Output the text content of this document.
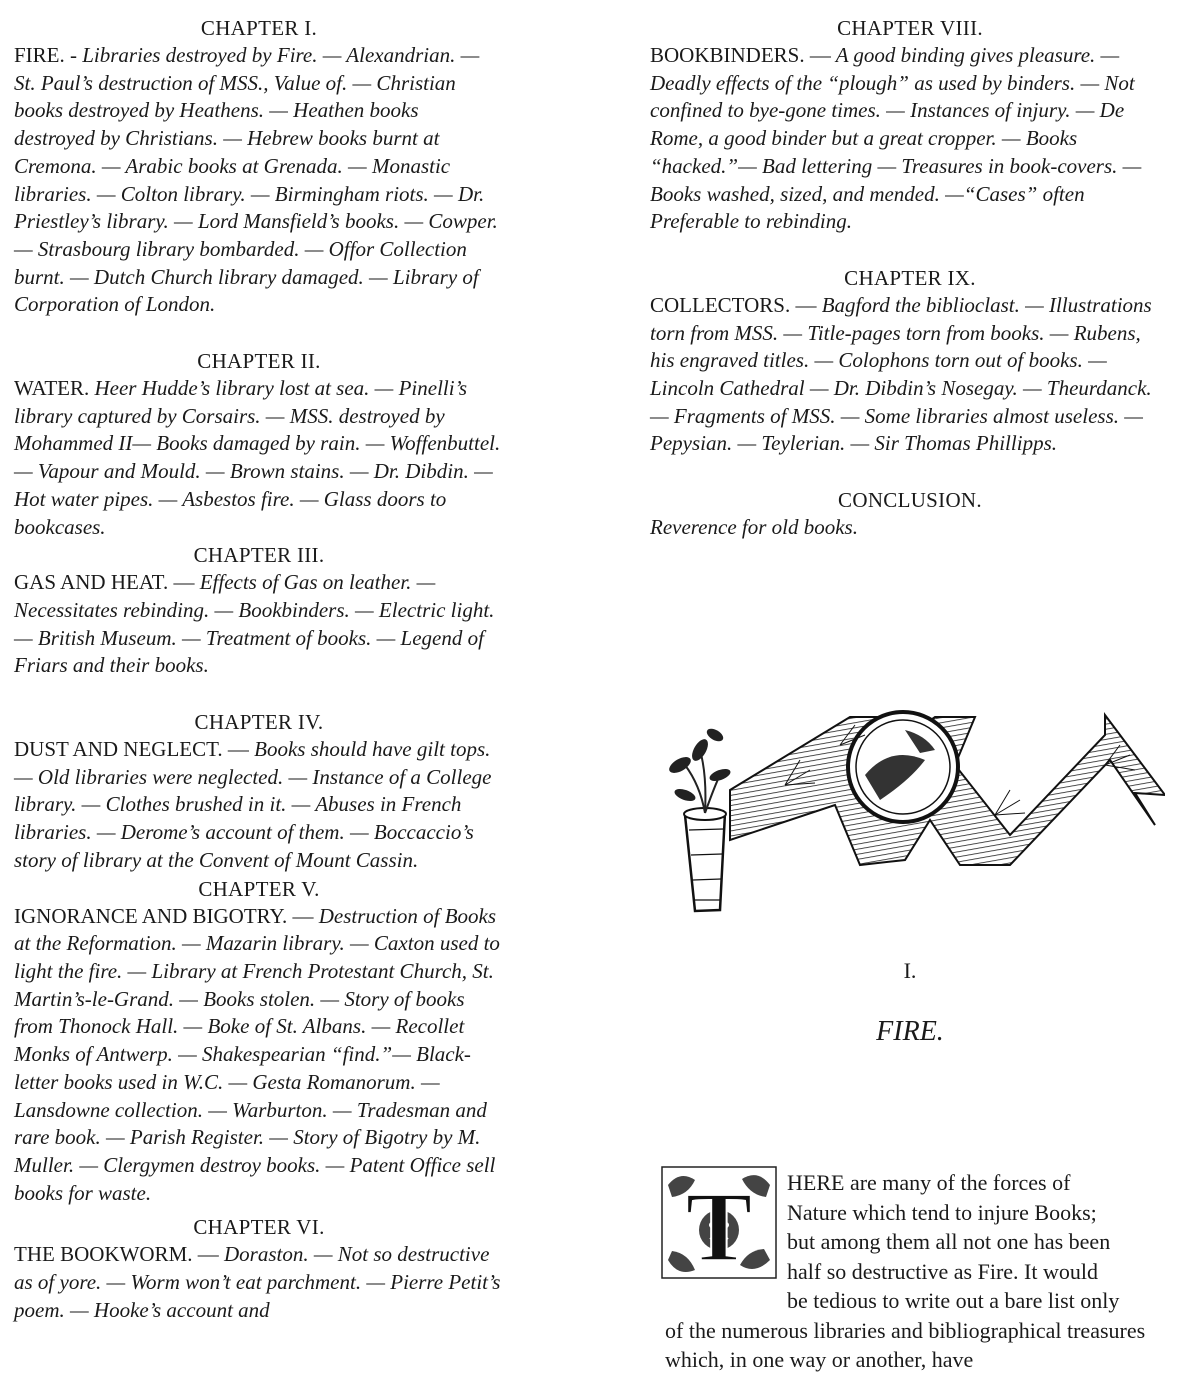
CHAPTER I.

FIRE. - Libraries destroyed by Fire. — Alexandrian. — St. Paul’s destruction of MSS., Value of. — Christian books destroyed by Heathens. — Heathen books destroyed by Christians. — Hebrew books burnt at Cremona. — Arabic books at Grenada. — Monastic libraries. — Colton library. — Birmingham riots. — Dr. Priestley’s library. — Lord Mansfield’s books. — Cowper. — Strasbourg library bombarded. — Offor Collection burnt. — Dutch Church library damaged. — Library of Corporation of London.

CHAPTER II.

WATER. Heer Hudde’s library lost at sea. — Pinelli’s library captured by Corsairs. — MSS. destroyed by Mohammed II— Books damaged by rain. — Woffenbuttel. — Vapour and Mould. — Brown stains. — Dr. Dibdin. — Hot water pipes. — Asbestos fire. — Glass doors to bookcases.

CHAPTER III.

GAS AND HEAT. — Effects of Gas on leather. — Necessitates rebinding. — Bookbinders. — Electric light. — British Museum. — Treatment of books. — Legend of Friars and their books.

CHAPTER IV.

DUST AND NEGLECT. — Books should have gilt tops. — Old libraries were neglected. — Instance of a College library. — Clothes brushed in it. — Abuses in French libraries. — Derome’s account of them. — Boccaccio’s story of library at the Convent of Mount Cassin.

CHAPTER V.

IGNORANCE AND BIGOTRY. — Destruction of Books at the Reformation. — Mazarin library. — Caxton used to light the fire. — Library at French Protestant Church, St. Martin’s-le-Grand. — Books stolen. — Story of books from Thonock Hall. — Boke of St. Albans. — Recollet Monks of Antwerp. — Shakespearian “find.”— Black-letter books used in W.C. — Gesta Romanorum. — Lansdowne collection. — Warburton. — Tradesman and rare book. — Parish Register. — Story of Bigotry by M. Muller. — Clergymen destroy books. — Patent Office sell books for waste.

CHAPTER VI.

THE BOOKWORM. — Doraston. — Not so destructive as of yore. — Worm won’t eat parchment. — Pierre Petit’s poem. — Hooke’s account and

CHAPTER VIII.

BOOKBINDERS. — A good binding gives pleasure. — Deadly effects of the “plough” as used by binders. — Not confined to bye-gone times. — Instances of injury. — De Rome, a good binder but a great cropper. — Books “hacked.”— Bad lettering — Treasures in book-covers. — Books washed, sized, and mended. —“Cases” often Preferable to rebinding.

CHAPTER IX.

COLLECTORS. — Bagford the biblioclast. — Illustrations torn from MSS. — Title-pages torn from books. — Rubens, his engraved titles. — Colophons torn out of books. — Lincoln Cathedral — Dr. Dibdin’s Nosegay. — Theurdanck. — Fragments of MSS. — Some libraries almost useless. — Pepysian. — Teylerian. — Sir Thomas Phillipps.

CONCLUSION.

Reverence for old books.

I.
FIRE.
T HERE are many of the forces of
Nature which tend to injure Books;
but among them all not one has been
half so destructive as Fire. It would
be tedious to write out a bare list only
of the numerous libraries and bibliographical treasures which, in one way or another, have
